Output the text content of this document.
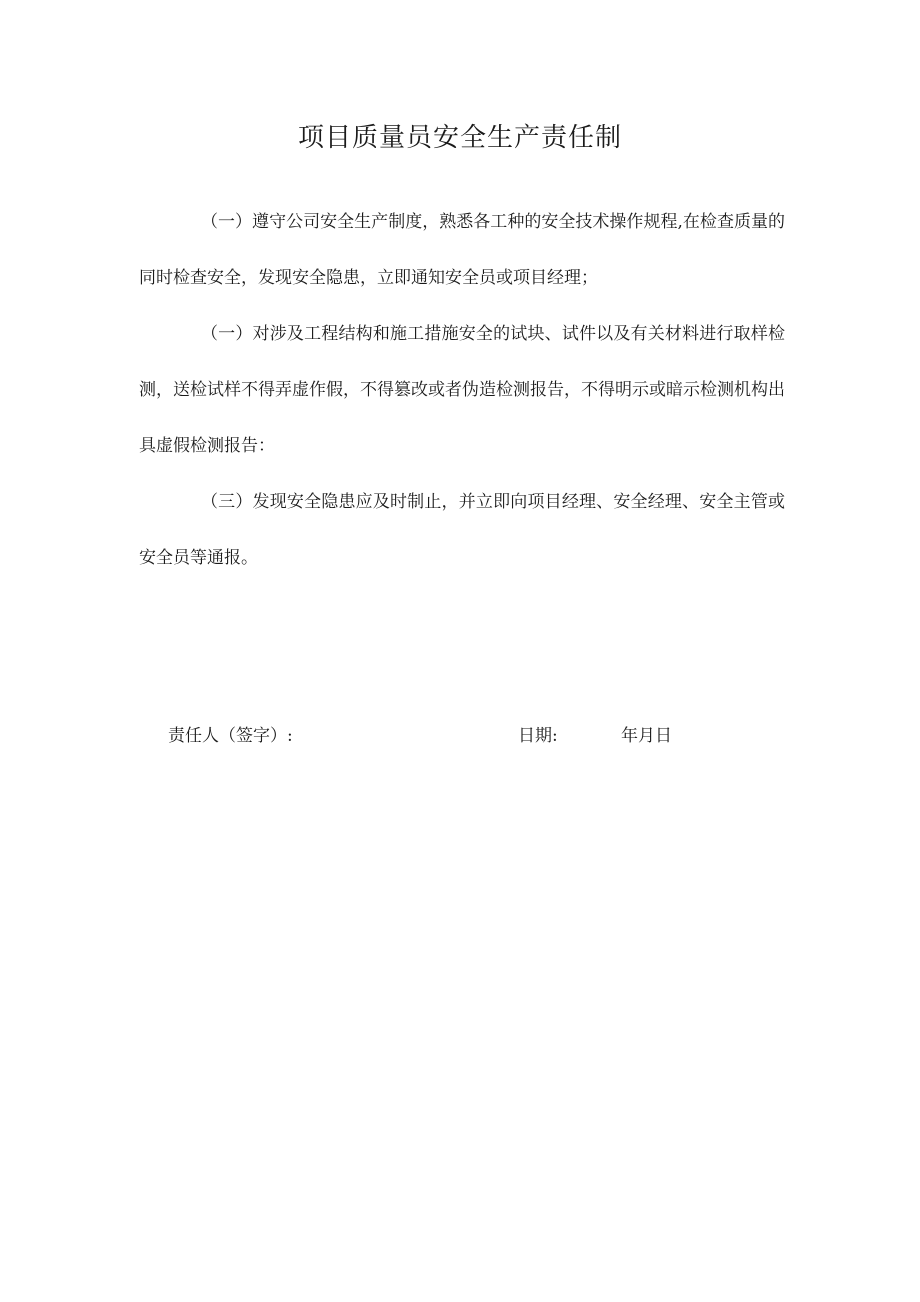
项目质量员安全生产责任制

（一）遵守公司安全生产制度，熟悉各工种的安全技术操作规程,在检查质量的同时检查安全，发现安全隐患，立即通知安全员或项目经理；

（一）对涉及工程结构和施工措施安全的试块、试件以及有关材料进行取样检测，送检试样不得弄虚作假，不得篡改或者伪造检测报告，不得明示或暗示检测机构出具虚假检测报告：

（三）发现安全隐患应及时制止，并立即向项目经理、安全经理、安全主管或安全员等通报。

责任人（签字）:	日期:	年月日
